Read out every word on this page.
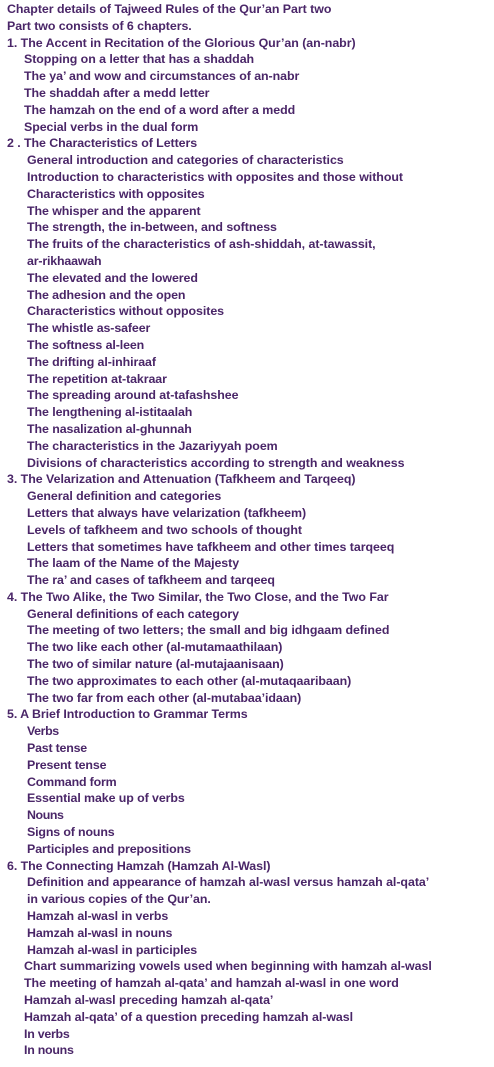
Chapter details of Tajweed Rules of the Qur’an Part two
Part two consists of 6 chapters.
1. The Accent in Recitation of the Glorious Qur’an (an-nabr)
Stopping on a letter that has a shaddah
The ya’ and wow and circumstances of an-nabr
The shaddah after a medd letter
The hamzah on the end of a word after a medd
Special verbs in the dual form
2 . The Characteristics of Letters
General introduction and categories of characteristics
Introduction to characteristics with opposites and those without
Characteristics with opposites
The whisper and the apparent
The strength, the in-between, and softness
The fruits of the characteristics of ash-shiddah, at-tawassit,
ar-rikhaawah
The elevated and the lowered
The adhesion and the open
Characteristics without opposites
The whistle as-safeer
The softness al-leen
The drifting al-inhiraaf
The repetition at-takraar
The spreading around at-tafashshee
The lengthening al-istitaalah
The nasalization al-ghunnah
The characteristics in the Jazariyyah poem
Divisions of characteristics according to strength and weakness
3. The Velarization and Attenuation (Tafkheem and Tarqeeq)
General definition and categories
Letters that always have velarization (tafkheem)
Levels of tafkheem and two schools of thought
Letters that sometimes have tafkheem and other times tarqeeq
The laam of the Name of the Majesty
The ra’ and cases of tafkheem and tarqeeq
4. The Two Alike, the Two Similar, the Two Close, and the Two Far
General definitions of each category
The meeting of two letters; the small and big idhgaam defined
The two like each other (al-mutamaathilaan)
The two of similar nature (al-mutajaanisaan)
The two approximates to each other (al-mutaqaaribaan)
The two far from each other (al-mutabaa’idaan)
5. A Brief Introduction to Grammar Terms
Verbs
Past tense
Present tense
Command form
Essential make up of verbs
Nouns
Signs of nouns
Participles and prepositions
6. The Connecting Hamzah (Hamzah Al-Wasl)
Definition and appearance of hamzah al-wasl versus hamzah al-qata’
in various copies of the Qur’an.
Hamzah al-wasl in verbs
Hamzah al-wasl in nouns
Hamzah al-wasl in participles
Chart summarizing vowels used when beginning with hamzah al-wasl
The meeting of hamzah al-qata’ and hamzah al-wasl in one word
Hamzah al-wasl preceding hamzah al-qata’
Hamzah al-qata’ of a question preceding hamzah al-wasl
In verbs
In nouns
